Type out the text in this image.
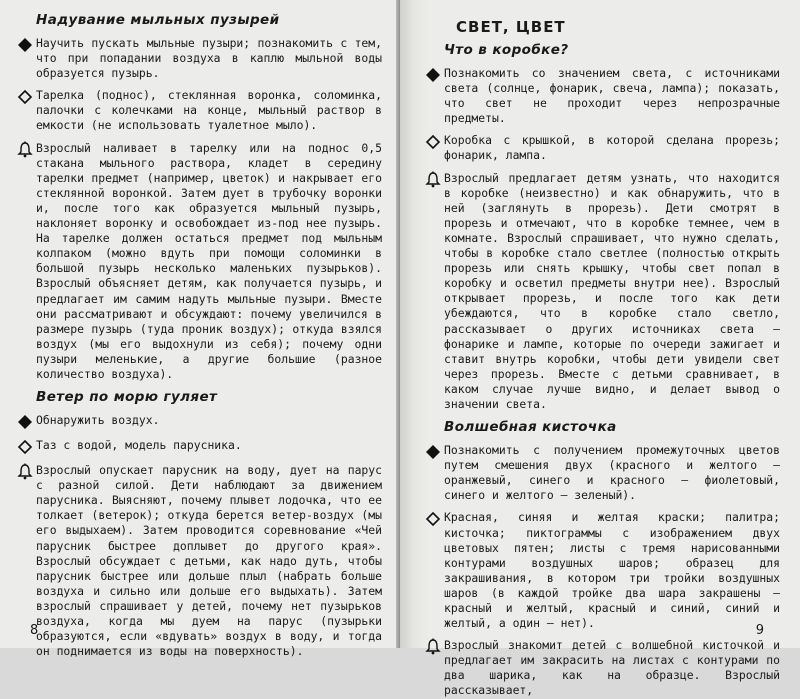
Надувание мыльных пузырей
Научить пускать мыльные пузыри; познакомить с тем, что при попадании воздуха в каплю мыльной воды образуется пузырь.
Тарелка (поднос), стеклянная воронка, соломинка, палочки с колечками на конце, мыльный раствор в емкости (не использовать туалетное мыло).
Взрослый наливает в тарелку или на поднос 0,5 стакана мыльного раствора, кладет в середину тарелки предмет (например, цветок) и накрывает его стеклянной воронкой. Затем дует в трубочку воронки и, после того как образуется мыльный пузырь, наклоняет воронку и освобождает из-под нее пузырь. На тарелке должен остаться предмет под мыльным колпаком (можно вдуть при помощи соломинки в большой пузырь несколько маленьких пузырьков). Взрослый объясняет детям, как получается пузырь, и предлагает им самим надуть мыльные пузыри. Вместе они рассматривают и обсуждают: почему увеличился в размере пузырь (туда проник воздух); откуда взялся воздух (мы его выдохнули из себя); почему одни пузыри меленькие, а другие большие (разное количество воздуха).
Ветер по морю гуляет
Обнаружить воздух.
Таз с водой, модель парусника.
Взрослый опускает парусник на воду, дует на парус с разной силой. Дети наблюдают за движением парусника. Выясняют, почему плывет лодочка, что ее толкает (ветерок); откуда берется ветер-воздух (мы его выдыхаем). Затем проводится соревнование «Чей парусник быстрее доплывет до другого края». Взрослый обсуждает с детьми, как надо дуть, чтобы парусник быстрее или дольше плыл (набрать больше воздуха и сильно или дольше его выдыхать). Затем взрослый спрашивает у детей, почему нет пузырьков воздуха, когда мы дуем на парус (пузырьки образуются, если «вдувать» воздух в воду, и тогда он поднимается из воды на поверхность).
8
СВЕТ, ЦВЕТ
Что в коробке?
Познакомить со значением света, с источниками света (солнце, фонарик, свеча, лампа); показать, что свет не проходит через непрозрачные предметы.
Коробка с крышкой, в которой сделана прорезь; фонарик, лампа.
Взрослый предлагает детям узнать, что находится в коробке (неизвестно) и как обнаружить, что в ней (заглянуть в прорезь). Дети смотрят в прорезь и отмечают, что в коробке темнее, чем в комнате. Взрослый спрашивает, что нужно сделать, чтобы в коробке стало светлее (полностью открыть прорезь или снять крышку, чтобы свет попал в коробку и осветил предметы внутри нее). Взрослый открывает прорезь, и после того как дети убеждаются, что в коробке стало светло, рассказывает о других источниках света — фонарике и лампе, которые по очереди зажигает и ставит внутрь коробки, чтобы дети увидели свет через прорезь. Вместе с детьми сравнивает, в каком случае лучше видно, и делает вывод о значении света.
Волшебная кисточка
Познакомить с получением промежуточных цветов путем смешения двух (красного и желтого — оранжевый, синего и красного — фиолетовый, синего и желтого — зеленый).
Красная, синяя и желтая краски; палитра; кисточка; пиктограммы с изображением двух цветовых пятен; листы с тремя нарисованными контурами воздушных шаров; образец для закрашивания, в котором три тройки воздушных шаров (в каждой тройке два шара закрашены — красный и желтый, красный и синий, синий и желтый, а один — нет).
Взрослый знакомит детей с волшебной кисточкой и предлагает им закрасить на листах с контурами по два шарика, как на образце. Взрослый рассказывает,
9
